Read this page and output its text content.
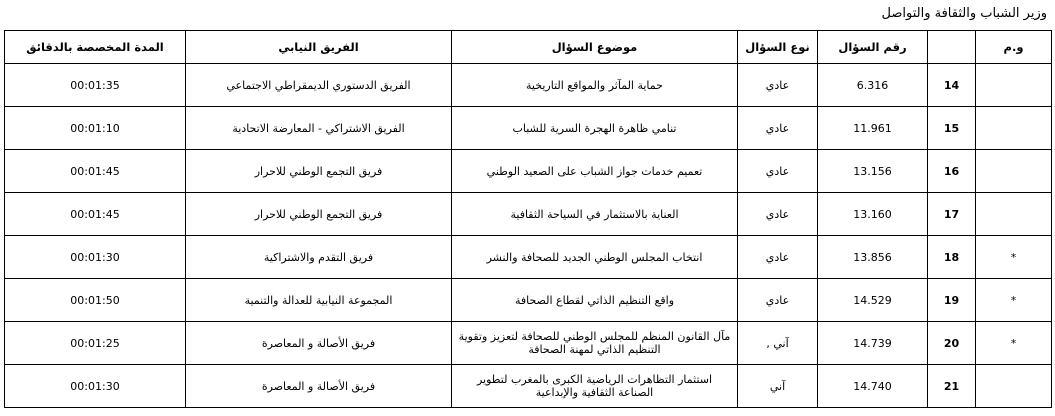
وزير الشباب والثقافة والتواصل
و.م		رقم السؤال	نوع السؤال	موضوع السؤال	الفريق النيابي	المدة المخصصة بالدقائق
	14	6.316	عادي	حماية المآثر والمواقع التاريخية	الفريق الدستوري الديمقراطي الاجتماعي	00:01:35
	15	11.961	عادي	تنامي ظاهرة الهجرة السرية للشباب	الفريق الاشتراكي - المعارضة الاتحادية	00:01:10
	16	13.156	عادي	تعميم خدمات جواز الشباب على الصعيد الوطني	فريق التجمع الوطني للاحرار	00:01:45
	17	13.160	عادي	العناية بالاستثمار في السياحة الثقافية	فريق التجمع الوطني للاحرار	00:01:45
*	18	13.856	عادي	انتخاب المجلس الوطني الجديد للصحافة والنشر	فريق التقدم والاشتراكية	00:01:30
*	19	14.529	عادي	واقع التنظيم الذاتي لقطاع الصحافة	المجموعة النيابية للعدالة والتنمية	00:01:50
*	20	14.739	آني ,	مآل القانون المنظم للمجلس الوطني للصحافة لتعزيز وتقوية التنظيم الذاتي لمهنة الصحافة	فريق الأصالة و المعاصرة	00:01:25
	21	14.740	آني	استثمار التظاهرات الرياضية الكبرى بالمغرب لتطوير الصناعة الثقافية والإبداعية	فريق الأصالة و المعاصرة	00:01:30
